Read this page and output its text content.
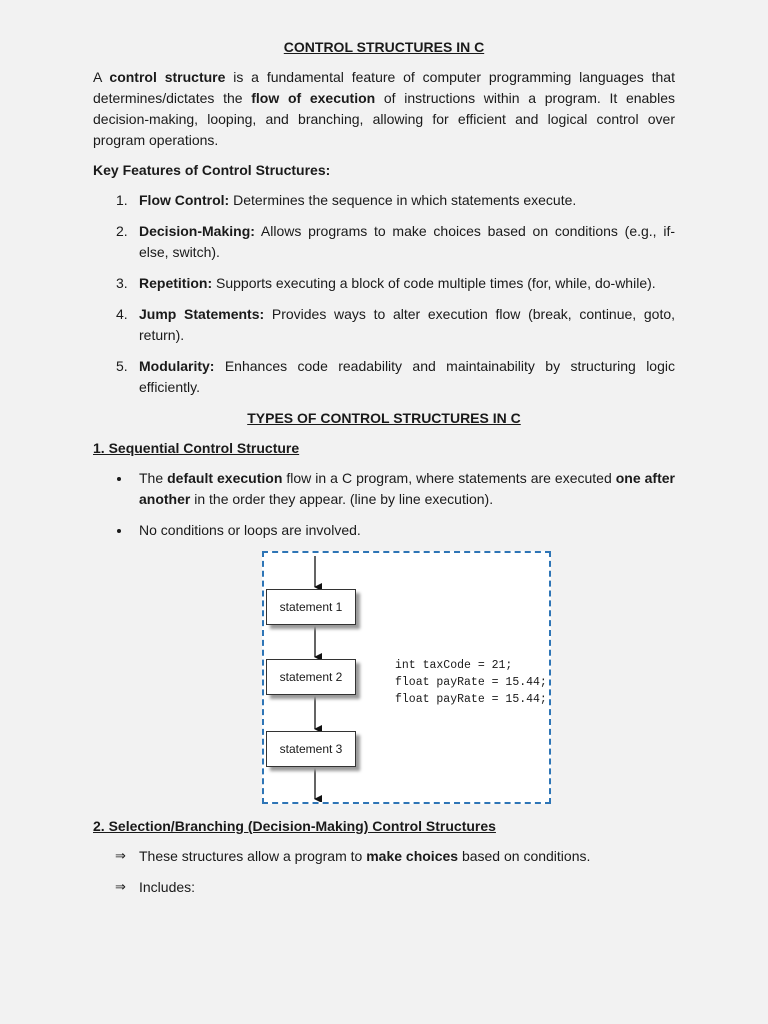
CONTROL STRUCTURES IN C

A control structure is a fundamental feature of computer programming languages that determines/dictates the flow of execution of instructions within a program. It enables decision-making, looping, and branching, allowing for efficient and logical control over program operations.

Key Features of Control Structures:
1. Flow Control: Determines the sequence in which statements execute.
2. Decision-Making: Allows programs to make choices based on conditions (e.g., if-else, switch).
3. Repetition: Supports executing a block of code multiple times (for, while, do-while).
4. Jump Statements: Provides ways to alter execution flow (break, continue, goto, return).
5. Modularity: Enhances code readability and maintainability by structuring logic efficiently.
TYPES OF CONTROL STRUCTURES IN C
1. Sequential Control Structure
The default execution flow in a C program, where statements are executed one after another in the order they appear. (line by line execution).
No conditions or loops are involved.
statement 1
statement 2
statement 3
int taxCode = 21;
float payRate = 15.44;
float payRate = 15.44;
2. Selection/Branching (Decision-Making) Control Structures
⇒ These structures allow a program to make choices based on conditions.
⇒ Includes:
